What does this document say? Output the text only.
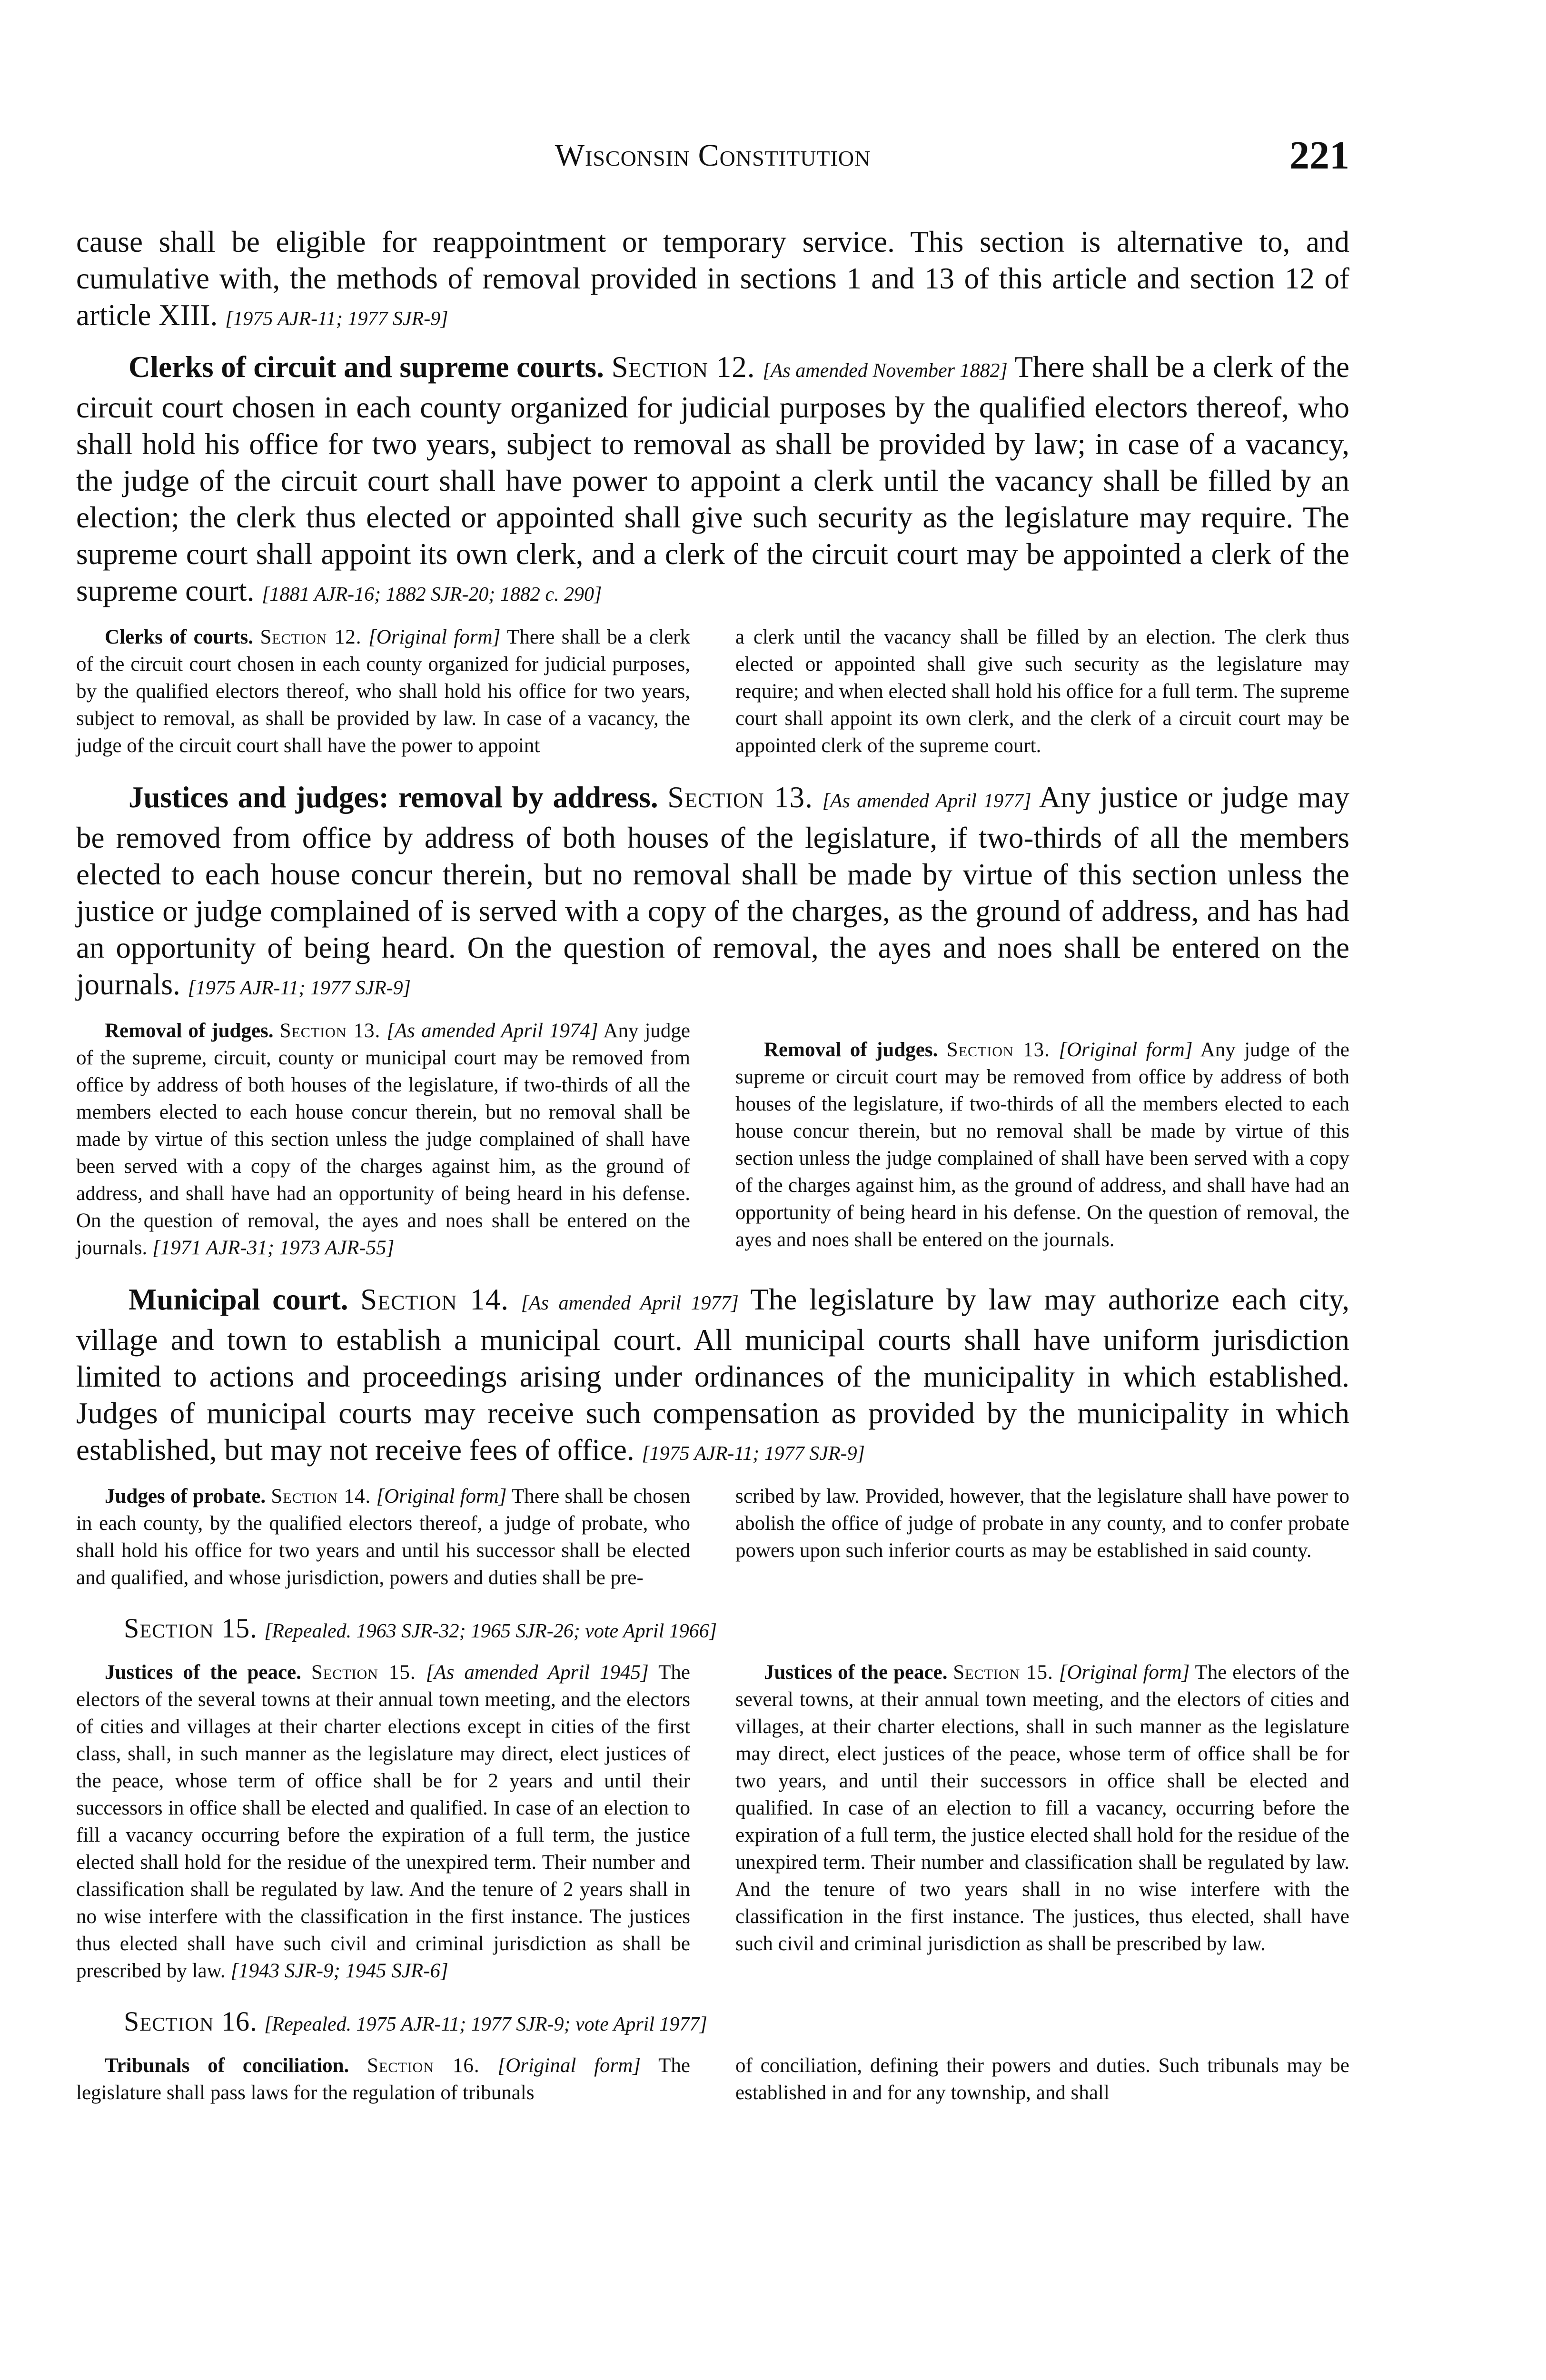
Wisconsin Constitution	221

cause shall be eligible for reappointment or temporary service. This section is alternative to, and cumulative with, the methods of removal provided in sections 1 and 13 of this article and section 12 of article XIII. [1975 AJR-11; 1977 SJR-9]

Clerks of circuit and supreme courts. Section 12. [As amended November 1882] There shall be a clerk of the circuit court chosen in each county organized for judicial purposes by the qualified electors thereof, who shall hold his office for two years, subject to removal as shall be provided by law; in case of a vacancy, the judge of the circuit court shall have power to appoint a clerk until the vacancy shall be filled by an election; the clerk thus elected or appointed shall give such security as the legislature may require. The supreme court shall appoint its own clerk, and a clerk of the circuit court may be appointed a clerk of the supreme court. [1881 AJR-16; 1882 SJR-20; 1882 c. 290]

Clerks of courts. Section 12. [Original form] There shall be a clerk of the circuit court chosen in each county organized for judicial purposes, by the qualified electors thereof, who shall hold his office for two years, subject to removal, as shall be provided by law. In case of a vacancy, the judge of the circuit court shall have the power to appoint

a clerk until the vacancy shall be filled by an election. The clerk thus elected or appointed shall give such security as the legislature may require; and when elected shall hold his office for a full term. The supreme court shall appoint its own clerk, and the clerk of a circuit court may be appointed clerk of the supreme court.

Justices and judges: removal by address. Section 13. [As amended April 1977] Any justice or judge may be removed from office by address of both houses of the legislature, if two-thirds of all the members elected to each house concur therein, but no removal shall be made by virtue of this section unless the justice or judge complained of is served with a copy of the charges, as the ground of address, and has had an opportunity of being heard. On the question of removal, the ayes and noes shall be entered on the journals. [1975 AJR-11; 1977 SJR-9]

Removal of judges. Section 13. [As amended April 1974] Any judge of the supreme, circuit, county or municipal court may be removed from office by address of both houses of the legislature, if two-thirds of all the members elected to each house concur therein, but no removal shall be made by virtue of this section unless the judge complained of shall have been served with a copy of the charges against him, as the ground of address, and shall have had an opportunity of being heard in his defense. On the question of removal, the ayes and noes shall be entered on the journals. [1971 AJR-31; 1973 AJR-55]

Removal of judges. Section 13. [Original form] Any judge of the supreme or circuit court may be removed from office by address of both houses of the legislature, if two-thirds of all the members elected to each house concur therein, but no removal shall be made by virtue of this section unless the judge complained of shall have been served with a copy of the charges against him, as the ground of address, and shall have had an opportunity of being heard in his defense. On the question of removal, the ayes and noes shall be entered on the journals.

Municipal court. Section 14. [As amended April 1977] The legislature by law may authorize each city, village and town to establish a municipal court. All municipal courts shall have uniform jurisdiction limited to actions and proceedings arising under ordinances of the municipality in which established. Judges of municipal courts may receive such compensation as provided by the municipality in which established, but may not receive fees of office. [1975 AJR-11; 1977 SJR-9]

Judges of probate. Section 14. [Original form] There shall be chosen in each county, by the qualified electors thereof, a judge of probate, who shall hold his office for two years and until his successor shall be elected and qualified, and whose jurisdiction, powers and duties shall be pre-

scribed by law. Provided, however, that the legislature shall have power to abolish the office of judge of probate in any county, and to confer probate powers upon such inferior courts as may be established in said county.

Section 15. [Repealed. 1963 SJR-32; 1965 SJR-26; vote April 1966]

Justices of the peace. Section 15. [As amended April 1945] The electors of the several towns at their annual town meeting, and the electors of cities and villages at their charter elections except in cities of the first class, shall, in such manner as the legislature may direct, elect justices of the peace, whose term of office shall be for 2 years and until their successors in office shall be elected and qualified. In case of an election to fill a vacancy occurring before the expiration of a full term, the justice elected shall hold for the residue of the unexpired term. Their number and classification shall be regulated by law. And the tenure of 2 years shall in no wise interfere with the classification in the first instance. The justices thus elected shall have such civil and criminal jurisdiction as shall be prescribed by law. [1943 SJR-9; 1945 SJR-6]

Justices of the peace. Section 15. [Original form] The electors of the several towns, at their annual town meeting, and the electors of cities and villages, at their charter elections, shall in such manner as the legislature may direct, elect justices of the peace, whose term of office shall be for two years, and until their successors in office shall be elected and qualified. In case of an election to fill a vacancy, occurring before the expiration of a full term, the justice elected shall hold for the residue of the unexpired term. Their number and classification shall be regulated by law. And the tenure of two years shall in no wise interfere with the classification in the first instance. The justices, thus elected, shall have such civil and criminal jurisdiction as shall be prescribed by law.

Section 16. [Repealed. 1975 AJR-11; 1977 SJR-9; vote April 1977]

Tribunals of conciliation. Section 16. [Original form] The legislature shall pass laws for the regulation of tribunals

of conciliation, defining their powers and duties. Such tribunals may be established in and for any township, and shall
